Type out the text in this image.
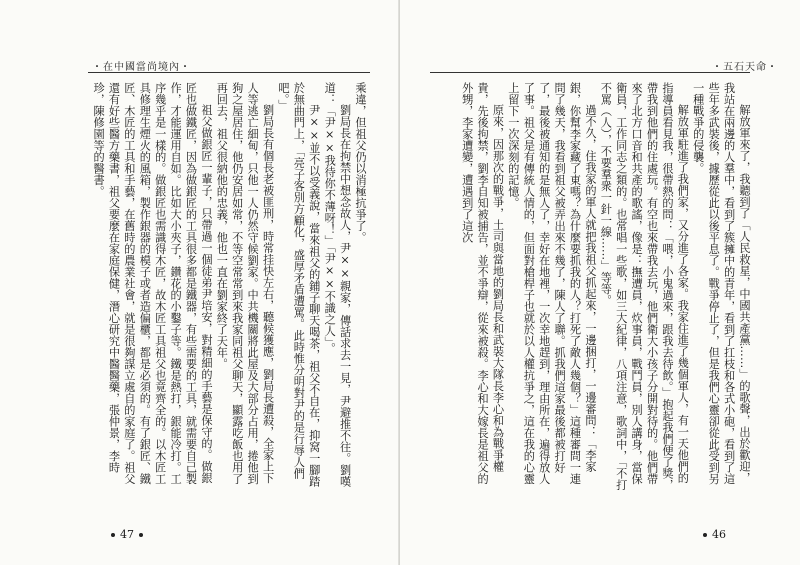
・在中國當尚境內・

乘違，但祖父仍以消極抗爭了。

劉局長在拘禁中想念故人，尹××親家，傳話求去一見，尹避推不往。劉嘆道：「尹××我待你不薄呀！」「尹××不識之人」。

尹××並不以受義說，當來祖父的鋪子聊天喝茶，祖父不自在，抑窝一腳踏於無曲門上，「亮子客別方顧化，盛厚矛盾遭罵。此時惟分明對尹的是行辱人們吧。」

劉局長有個長老被匪刑，時常挂快左右，聽候獲應，劉局長遭殺，全家上下人等逃亡細甸，只他一人仍然守候劉家。中共機關將此屋及大部分占用，捲他到狗之屋居住，他仍安居如常，不等空常常到來我家同祖父聊天，顯露吃飯也用了再回去，祖父很納他的忠義，他也一直在劉家終了天年。

祖父做銀匠一輩子，只帶過一個徒弟尹培安，對精細的手藝是保守的。做銀匠也做鐵匠，因為做銀匠的工具很多都是鐵器，有些需要的工具，就需要自己製作，才能運用自如。比如大小夾子，鑽花的小鑿子等。鐵是熱打，銀能冷打。工序幾乎是一樣的。做銀匠也需識得木匠，故木匠工具祖父也竟齊全的。以木匠工具修理生煙火的風箱，製作銀器的模子或者造偏櫃，都是必須的。有了銀匠、鐵匠、木匠的工具和手藝，在舊時的農業社會，就是很夠謀立處自的家庭了。祖父還有好些醫方藥書，祖父要麼在家庭保健，潛心研究中醫醫藥，張仲景，李時珍，陳修園等的醫書。

47
・五石天命・

解放軍來了，我聽到了「人民救星，中國共產黨……」的歌聲，出於歡迎，我站在兩邊的人羣中，看到了簇擁中的青年，看到了扛枝和各式小砲，看到了這些年多武裝後，據歷從此以後平息了。戰爭停止了，但是我們心靈卻從此受到另一種戰爭的侵襲。

解放軍駐進了我們家，又分進了各家。我家住進了幾個軍人，有一天他們的指導員看見我，很帶熱的問：「喂，小鬼過來，跟我去待飲。」抱起我們便了獎，帶我到他們的住處玩。有空也來帶我去玩，他們衛大小孩子分開對待的。他們帶來了北方口音和共產的歌謠，像是：撫遭員，炊事員，戰鬥員，別人講身，當保衛員，工作同志之類的。也常唱一些歌，如三大紀律，八項注意，歌詞中，「不打不罵（人），不要羣衆一針一線……」等等。

過不久，住我家的軍人就把我祖父抓起來，一邊捆打，一邊審問：「李家銀，你幫李家藏了東嗎？為什麼要抓我的人？打死了敵人幾個？」這種審問一連問了幾天，我看到祖父被弄出來不幾了，陳人了聯。抓我們這家最後都被打好了，最後被通知的是無人了，幸好在地裡，一次幸地趕到，理由所在，遍得放人了事。祖父是有傳統人情的，但面對槍桿子也就於以人權抗爭之，這在我的心靈上留下一次深刻的記憶。

原來，因那次的戰爭，土司與當地的劉局長和武裝大隊長李心和為戰爭權貴，先後拘禁，劉李自知被捕告，並不爭辯，從來被殺。李心和大嫁長是祖父的外甥，李家遭變，遭遇到了這次

46
